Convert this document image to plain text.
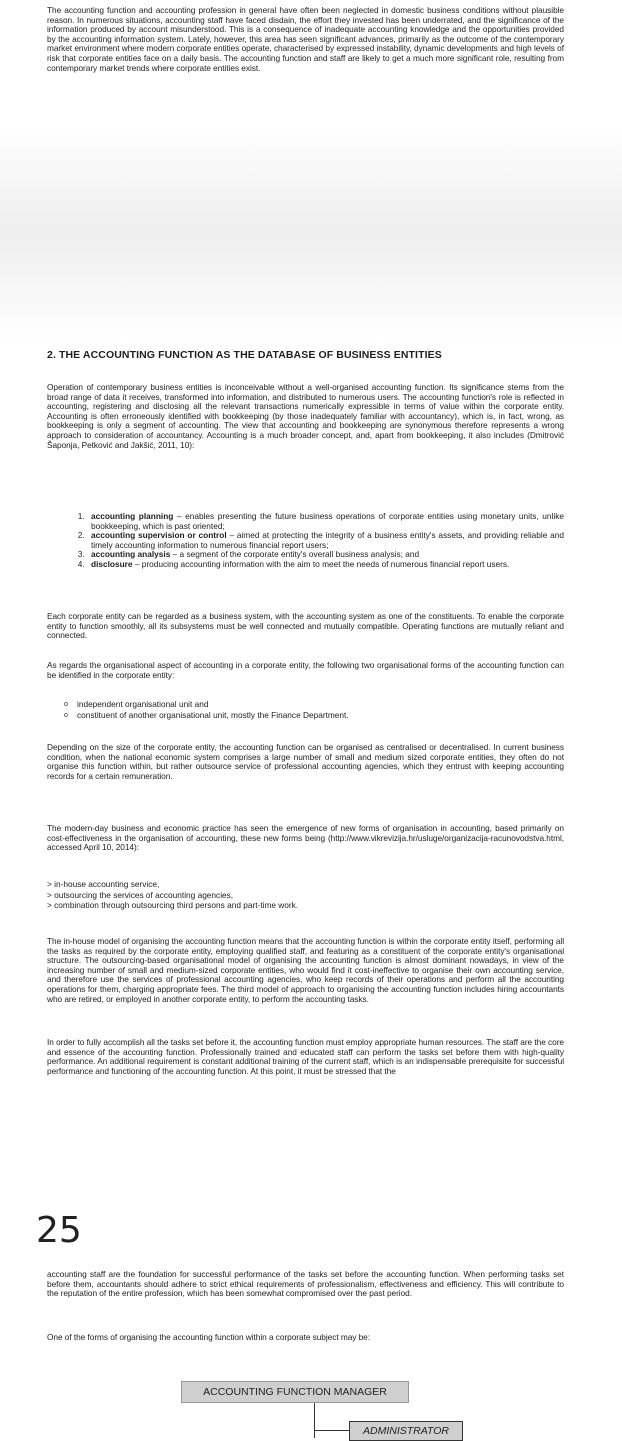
The accounting function and accounting profession in general have often been neglected in domestic business conditions without plausible reason. In numerous situations, accounting staff have faced disdain, the effort they invested has been underrated, and the significance of the information produced by account misunderstood. This is a consequence of inadequate accounting knowledge and the opportunities provided by the accounting information system. Lately, however, this area has seen significant advances, primarily as the outcome of the contemporary market environment where modern corporate entities operate, characterised by expressed instability, dynamic developments and high levels of risk that corporate entities face on a daily basis. The accounting function and staff are likely to get a much more significant role, resulting from contemporary market trends where corporate entities exist.

2. THE ACCOUNTING FUNCTION AS THE DATABASE OF BUSINESS ENTITIES

Operation of contemporary business entities is inconceivable without a well-organised accounting function. Its significance stems from the broad range of data it receives, transformed into information, and distributed to numerous users. The accounting function's role is reflected in accounting, registering and disclosing all the relevant transactions numerically expressible in terms of value within the corporate entity. Accounting is often erroneously identified with bookkeeping (by those inadequately familiar with accountancy), which is, in fact, wrong, as bookkeeping is only a segment of accounting. The view that accounting and bookkeeping are synonymous therefore represents a wrong approach to consideration of accountancy. Accounting is a much broader concept, and, apart from bookkeeping, it also includes (Dmitrović Šaponja, Petković and Jakšić, 2011, 10):

1. accounting planning – enables presenting the future business operations of corporate entities using monetary units, unlike bookkeeping, which is past oriented;
2. accounting supervision or control – aimed at protecting the integrity of a business entity's assets, and providing reliable and timely accounting information to numerous financial report users;
3. accounting analysis – a segment of the corporate entity's overall business analysis; and
4. disclosure – producing accounting information with the aim to meet the needs of numerous financial report users.

Each corporate entity can be regarded as a business system, with the accounting system as one of the constituents. To enable the corporate entity to function smoothly, all its subsystems must be well connected and mutually compatible. Operating functions are mutually reliant and connected.

As regards the organisational aspect of accounting in a corporate entity, the following two organisational forms of the accounting function can be identified in the corporate entity:

o independent organisational unit and
o constituent of another organisational unit, mostly the Finance Department.

Depending on the size of the corporate entity, the accounting function can be organised as centralised or decentralised. In current business condition, when the national economic system comprises a large number of small and medium sized corporate entities, they often do not organise this function within, but rather outsource service of professional accounting agencies, which they entrust with keeping accounting records for a certain remuneration.

The modern-day business and economic practice has seen the emergence of new forms of organisation in accounting, based primarily on cost-effectiveness in the organisation of accounting, these new forms being (http://www.vikrevizija.hr/usluge/organizacija-racunovodstva.html, accessed April 10, 2014):

> in-house accounting service,
> outsourcing the services of accounting agencies,
> combination through outsourcing third persons and part-time work.

The in-house model of organising the accounting function means that the accounting function is within the corporate entity itself, performing all the tasks as required by the corporate entity, employing qualified staff, and featuring as a constituent of the corporate entity's organisational structure. The outsourcing-based organisational model of organising the accounting function is almost dominant nowadays, in view of the increasing number of small and medium-sized corporate entities, who would find it cost-ineffective to organise their own accounting service, and therefore use the services of professional accounting agencies, who keep records of their operations and perform all the accounting operations for them, charging appropriate fees. The third model of approach to organising the accounting function includes hiring accountants who are retired, or employed in another corporate entity, to perform the accounting tasks.

In order to fully accomplish all the tasks set before it, the accounting function must employ appropriate human resources. The staff are the core and essence of the accounting function. Professionally trained and educated staff can perform the tasks set before them with high-quality performance. An additional requirement is constant additional training of the current staff, which is an indispensable prerequisite for successful performance and functioning of the accounting function. At this point, it must be stressed that the

25

accounting staff are the foundation for successful performance of the tasks set before the accounting function. When performing tasks set before them, accountants should adhere to strict ethical requirements of professionalism, effectiveness and efficiency. This will contribute to the reputation of the entire profession, which has been somewhat compromised over the past period.

One of the forms of organising the accounting function within a corporate subject may be:

ACCOUNTING FUNCTION MANAGER
ADMINISTRATOR
